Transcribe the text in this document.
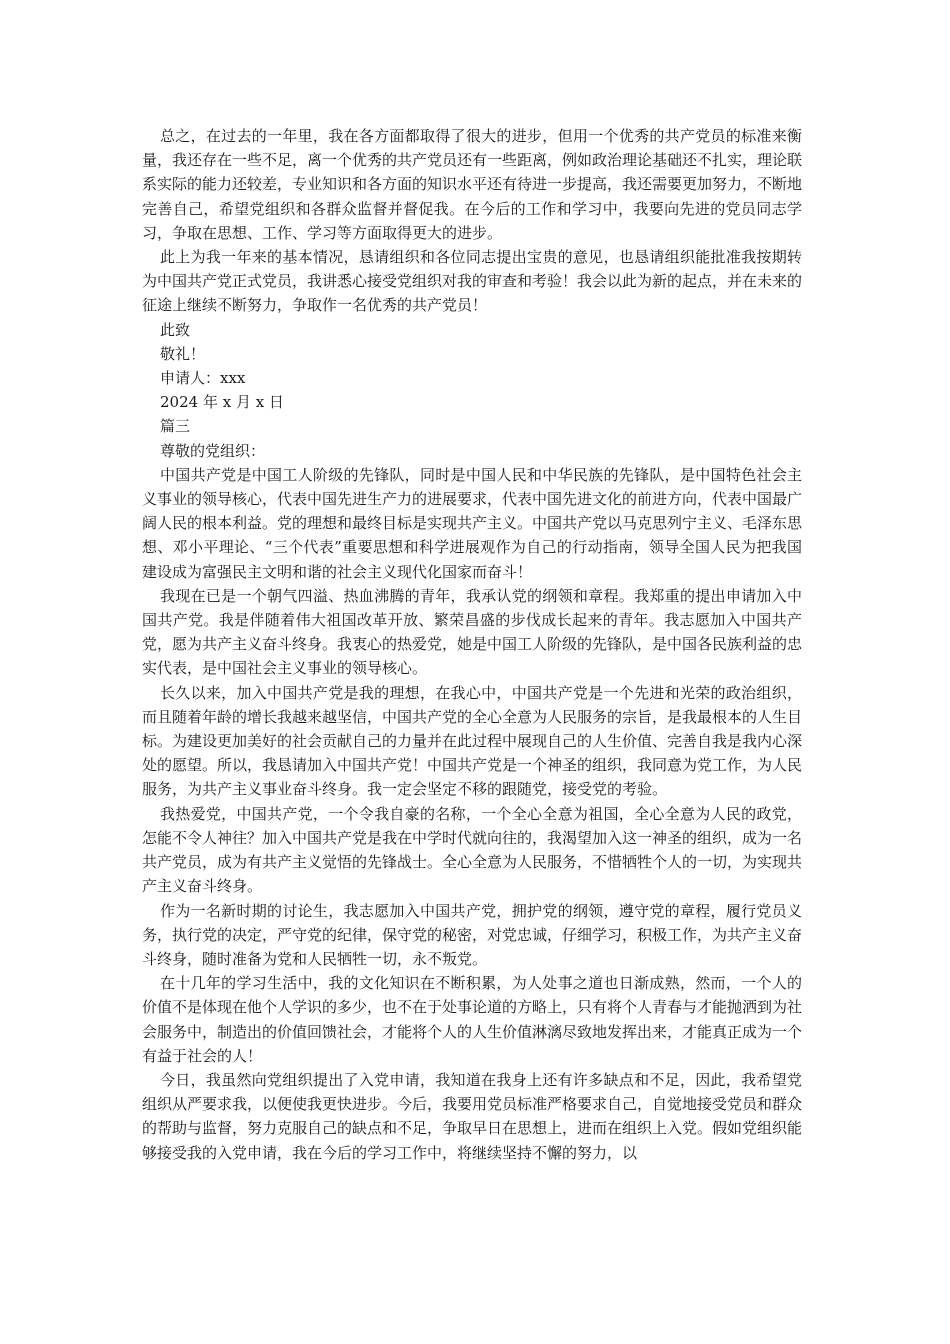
总之，在过去的一年里，我在各方面都取得了很大的进步，但用一个优秀的共产党员的标准来衡量，我还存在一些不足，离一个优秀的共产党员还有一些距离，例如政治理论基础还不扎实，理论联系实际的能力还较差，专业知识和各方面的知识水平还有待进一步提高，我还需要更加努力，不断地完善自己，希望党组织和各群众监督并督促我。在今后的工作和学习中，我要向先进的党员同志学习，争取在思想、工作、学习等方面取得更大的进步。

此上为我一年来的基本情况，恳请组织和各位同志提出宝贵的意见，也恳请组织能批准我按期转为中国共产党正式党员，我讲悉心接受党组织对我的审查和考验！我会以此为新的起点，并在未来的征途上继续不断努力，争取作一名优秀的共产党员！

此致

敬礼！

申请人：xxx

2024 年 x 月 x 日

篇三

尊敬的党组织：

中国共产党是中国工人阶级的先锋队，同时是中国人民和中华民族的先锋队，是中国特色社会主义事业的领导核心，代表中国先进生产力的进展要求，代表中国先进文化的前进方向，代表中国最广阔人民的根本利益。党的理想和最终目标是实现共产主义。中国共产党以马克思列宁主义、毛泽东思想、邓小平理论、“三个代表”重要思想和科学进展观作为自己的行动指南，领导全国人民为把我国建设成为富强民主文明和谐的社会主义现代化国家而奋斗！

我现在已是一个朝气四溢、热血沸腾的青年，我承认党的纲领和章程。我郑重的提出申请加入中国共产党。我是伴随着伟大祖国改革开放、繁荣昌盛的步伐成长起来的青年。我志愿加入中国共产党，愿为共产主义奋斗终身。我衷心的热爱党，她是中国工人阶级的先锋队，是中国各民族利益的忠实代表，是中国社会主义事业的领导核心。

长久以来，加入中国共产党是我的理想，在我心中，中国共产党是一个先进和光荣的政治组织，而且随着年龄的增长我越来越坚信，中国共产党的全心全意为人民服务的宗旨，是我最根本的人生目标。为建设更加美好的社会贡献自己的力量并在此过程中展现自己的人生价值、完善自我是我内心深处的愿望。所以，我恳请加入中国共产党！中国共产党是一个神圣的组织，我同意为党工作，为人民服务，为共产主义事业奋斗终身。我一定会坚定不移的跟随党，接受党的考验。

我热爱党，中国共产党，一个令我自豪的名称，一个全心全意为祖国，全心全意为人民的政党，怎能不令人神往？加入中国共产党是我在中学时代就向往的，我渴望加入这一神圣的组织，成为一名共产党员，成为有共产主义觉悟的先锋战士。全心全意为人民服务，不惜牺牲个人的一切，为实现共产主义奋斗终身。

作为一名新时期的讨论生，我志愿加入中国共产党，拥护党的纲领，遵守党的章程，履行党员义务，执行党的决定，严守党的纪律，保守党的秘密，对党忠诚，仔细学习，积极工作，为共产主义奋斗终身，随时准备为党和人民牺牲一切，永不叛党。

在十几年的学习生活中，我的文化知识在不断积累，为人处事之道也日渐成熟，然而，一个人的价值不是体现在他个人学识的多少，也不在于处事论道的方略上，只有将个人青春与才能抛洒到为社会服务中，制造出的价值回馈社会，才能将个人的人生价值淋漓尽致地发挥出来，才能真正成为一个有益于社会的人！

今日，我虽然向党组织提出了入党申请，我知道在我身上还有许多缺点和不足，因此，我希望党组织从严要求我，以便使我更快进步。今后，我要用党员标准严格要求自己，自觉地接受党员和群众的帮助与监督，努力克服自己的缺点和不足，争取早日在思想上，进而在组织上入党。假如党组织能够接受我的入党申请，我在今后的学习工作中，将继续坚持不懈的努力，以
